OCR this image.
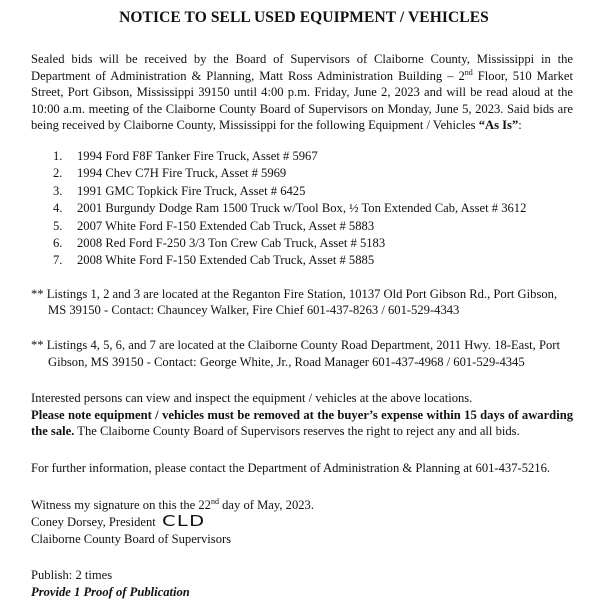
NOTICE TO SELL USED EQUIPMENT / VEHICLES

Sealed bids will be received by the Board of Supervisors of Claiborne County, Mississippi in the Department of Administration & Planning, Matt Ross Administration Building – 2nd Floor, 510 Market Street, Port Gibson, Mississippi 39150 until 4:00 p.m. Friday, June 2, 2023 and will be read aloud at the 10:00 a.m. meeting of the Claiborne County Board of Supervisors on Monday, June 5, 2023. Said bids are being received by Claiborne County, Mississippi for the following Equipment / Vehicles “As Is”:

1. 1994 Ford F8F Tanker Fire Truck, Asset # 5967
2. 1994 Chev C7H Fire Truck, Asset # 5969
3. 1991 GMC Topkick Fire Truck, Asset # 6425
4. 2001 Burgundy Dodge Ram 1500 Truck w/Tool Box, ½ Ton Extended Cab, Asset # 3612
5. 2007 White Ford F-150 Extended Cab Truck, Asset # 5883
6. 2008 Red Ford F-250 3/3 Ton Crew Cab Truck, Asset # 5183
7. 2008 White Ford F-150 Extended Cab Truck, Asset # 5885

** Listings 1, 2 and 3 are located at the Reganton Fire Station, 10137 Old Port Gibson Rd., Port Gibson, MS 39150 - Contact: Chauncey Walker, Fire Chief 601-437-8263 / 601-529-4343

** Listings 4, 5, 6, and 7 are located at the Claiborne County Road Department, 2011 Hwy. 18-East, Port Gibson, MS 39150 - Contact: George White, Jr., Road Manager 601-437-4968 / 601-529-4345

Interested persons can view and inspect the equipment / vehicles at the above locations.

Please note equipment / vehicles must be removed at the buyer’s expense within 15 days of awarding the sale. The Claiborne County Board of Supervisors reserves the right to reject any and all bids.

For further information, please contact the Department of Administration & Planning at 601-437-5216.

Witness my signature on this the 22nd day of May, 2023.

Coney Dorsey, President CLD

Claiborne County Board of Supervisors

Publish: 2 times

Provide 1 Proof of Publication
